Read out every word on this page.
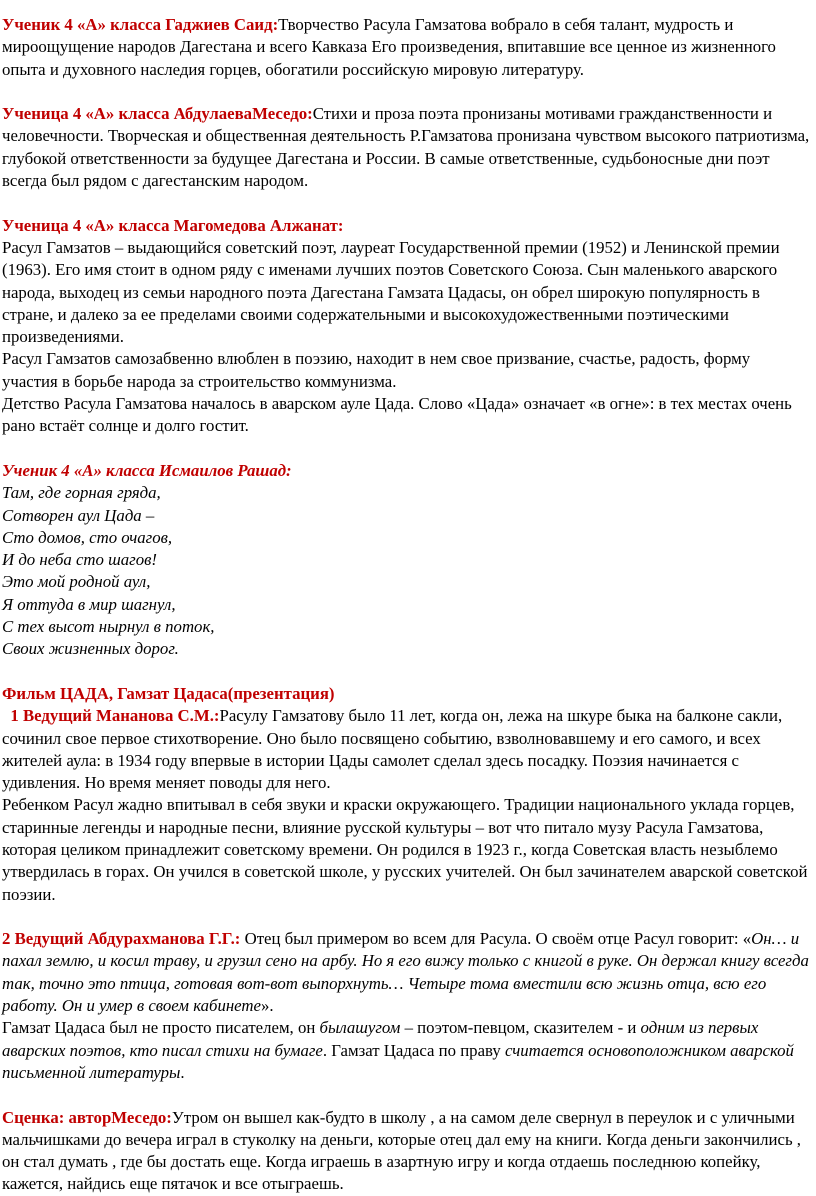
Ученик 4 «А» класса Гаджиев Саид:Творчество Расула Гамзатова вобрало в себя талант, мудрость и мироощущение народов Дагестана и всего Кавказа Его произведения, впитавшие все ценное из жизненного опыта и духовного наследия горцев, обогатили российскую мировую литературу.

Ученица 4 «А» класса АбдулаеваМеседо:Стихи и проза поэта пронизаны мотивами гражданственности и человечности. Творческая и общественная деятельность Р.Гамзатова пронизана чувством высокого патриотизма, глубокой ответственности за будущее Дагестана и России. В самые ответственные, судьбоносные дни поэт всегда был рядом с дагестанским народом.

Ученица 4 «А» класса Магомедова Алжанат:

Расул Гамзатов – выдающийся советский поэт, лауреат Государственной премии (1952) и Ленинской премии (1963). Его имя стоит в одном ряду с именами лучших поэтов Советского Союза. Сын маленького аварского народа, выходец из семьи народного поэта Дагестана Гамзата Цадасы, он обрел широкую популярность в стране, и далеко за ее пределами своими содержательными и высокохудожественными поэтическими произведениями.

Расул Гамзатов самозабвенно влюблен в поэзию, находит в нем свое призвание, счастье, радость, форму участия в борьбе народа за строительство коммунизма.

Детство Расула Гамзатова началось в аварском ауле Цада. Слово «Цада» означает «в огне»: в тех местах очень рано встаёт солнце и долго гостит.

Ученик 4 «А» класса Исмаилов Рашад:

Там, где горная гряда,

Сотворен аул Цада –

Сто домов, сто очагов,

И до неба сто шагов!

Это мой родной аул,

Я оттуда в мир шагнул,

С тех высот нырнул в поток,

Своих жизненных дорог.

Фильм ЦАДА, Гамзат Цадаса(презентация)

1 Ведущий Мананова С.М.:Расулу Гамзатову было 11 лет, когда он, лежа на шкуре быка на балконе сакли, сочинил свое первое стихотворение. Оно было посвящено событию, взволновавшему и его самого, и всех жителей аула: в 1934 году впервые в истории Цады самолет сделал здесь посадку. Поэзия начинается с удивления. Но время меняет поводы для него.

Ребенком Расул жадно впитывал в себя звуки и краски окружающего. Традиции национального уклада горцев, старинные легенды и народные песни, влияние русской культуры – вот что питало музу Расула Гамзатова, которая целиком принадлежит советскому времени. Он родился в 1923 г., когда Советская власть незыблемо утвердилась в горах. Он учился в советской школе, у русских учителей. Он был зачинателем аварской советской поэзии.

2 Ведущий Абдурахманова Г.Г.: Отец был примером во всем для Расула. О своём отце Расул говорит: «Он… и пахал землю, и косил траву, и грузил сено на арбу. Но я его вижу только с книгой в руке. Он держал книгу всегда так, точно это птица, готовая вот-вот выпорхнуть… Четыре тома вместили всю жизнь отца, всю его работу. Он и умер в своем кабинете».

Гамзат Цадаса был не просто писателем, он былашугом – поэтом-певцом, сказителем - и одним из первых аварских поэтов, кто писал стихи на бумаге. Гамзат Цадаса по праву считается основоположником аварской письменной литературы.

Сценка: авторМеседо:Утром он вышел как-будто в школу , а на самом деле свернул в переулок и с уличными мальчишками до вечера играл в стуколку на деньги, которые отец дал ему на книги. Когда деньги закончились , он стал думать , где бы достать еще. Когда играешь в азартную игру и когда отдаешь последнюю копейку, кажется, найдись еще пятачок и все отыграешь.
